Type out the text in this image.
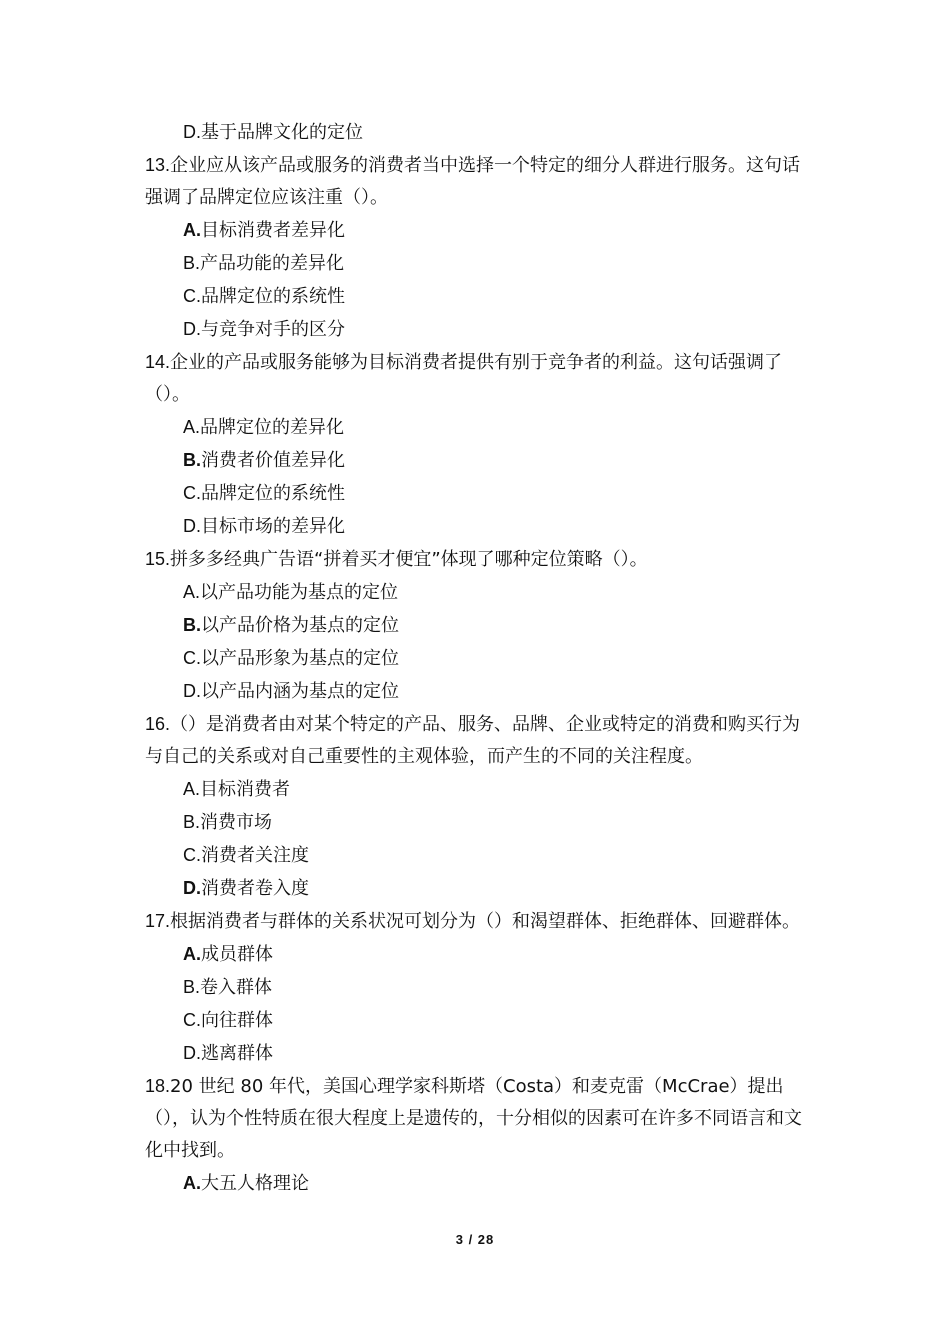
D.基于品牌文化的定位

13.企业应从该产品或服务的消费者当中选择一个特定的细分人群进行服务。这句话强调了品牌定位应该注重（）。

A.目标消费者差异化

B.产品功能的差异化

C.品牌定位的系统性

D.与竞争对手的区分

14.企业的产品或服务能够为目标消费者提供有别于竞争者的利益。这句话强调了（）。

A.品牌定位的差异化

B.消费者价值差异化

C.品牌定位的系统性

D.目标市场的差异化

15.拼多多经典广告语“拼着买才便宜”体现了哪种定位策略（）。

A.以产品功能为基点的定位

B.以产品价格为基点的定位

C.以产品形象为基点的定位

D.以产品内涵为基点的定位

16.（）是消费者由对某个特定的产品、服务、品牌、企业或特定的消费和购买行为与自己的关系或对自己重要性的主观体验，而产生的不同的关注程度。

A.目标消费者

B.消费市场

C.消费者关注度

D.消费者卷入度

17.根据消费者与群体的关系状况可划分为（）和渴望群体、拒绝群体、回避群体。

A.成员群体

B.卷入群体

C.向往群体

D.逃离群体

18.20 世纪 80 年代，美国心理学家科斯塔（Costa）和麦克雷（McCrae）提出（），认为个性特质在很大程度上是遗传的，十分相似的因素可在许多不同语言和文化中找到。

A.大五人格理论

3 / 28
